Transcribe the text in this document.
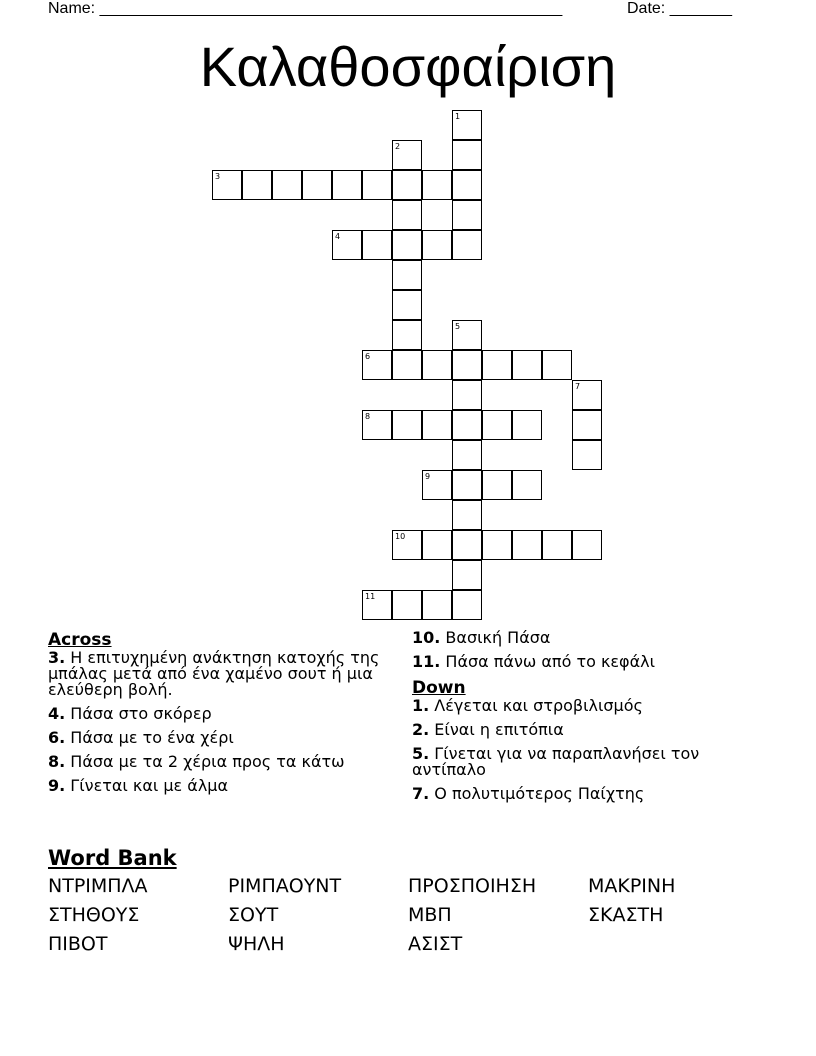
Name: ____________________________________________________	Date: _______
Καλαθοσφαίριση
1
2
3
4
5
6
7
8
9
10
11
Across
3. Η επιτυχημένη ανάκτηση κατοχής της μπάλας μετά από ένα χαμένο σουτ ή μια ελεύθερη βολή.
4. Πάσα στο σκόρερ
6. Πάσα με το ένα χέρι
8. Πάσα με τα 2 χέρια προς τα κάτω
9. Γίνεται και με άλμα
10. Βασική Πάσα
11. Πάσα πάνω από το κεφάλι
Down
1. Λέγεται και στροβιλισμός
2. Είναι η επιτόπια
5. Γίνεται για να παραπλανήσει τον αντίπαλο
7. Ο πολυτιμότερος Παίχτης
Word Bank
ΝΤΡΙΜΠΛΑ	ΡΙΜΠΑΟΥΝΤ	ΠΡΟΣΠΟΙΗΣΗ	ΜΑΚΡΙΝΗ
ΣΤΗΘΟΥΣ	ΣΟΥΤ	ΜΒΠ	ΣΚΑΣΤΗ
ΠΙΒΟΤ	ΨΗΛΗ	ΑΣΙΣΤ
